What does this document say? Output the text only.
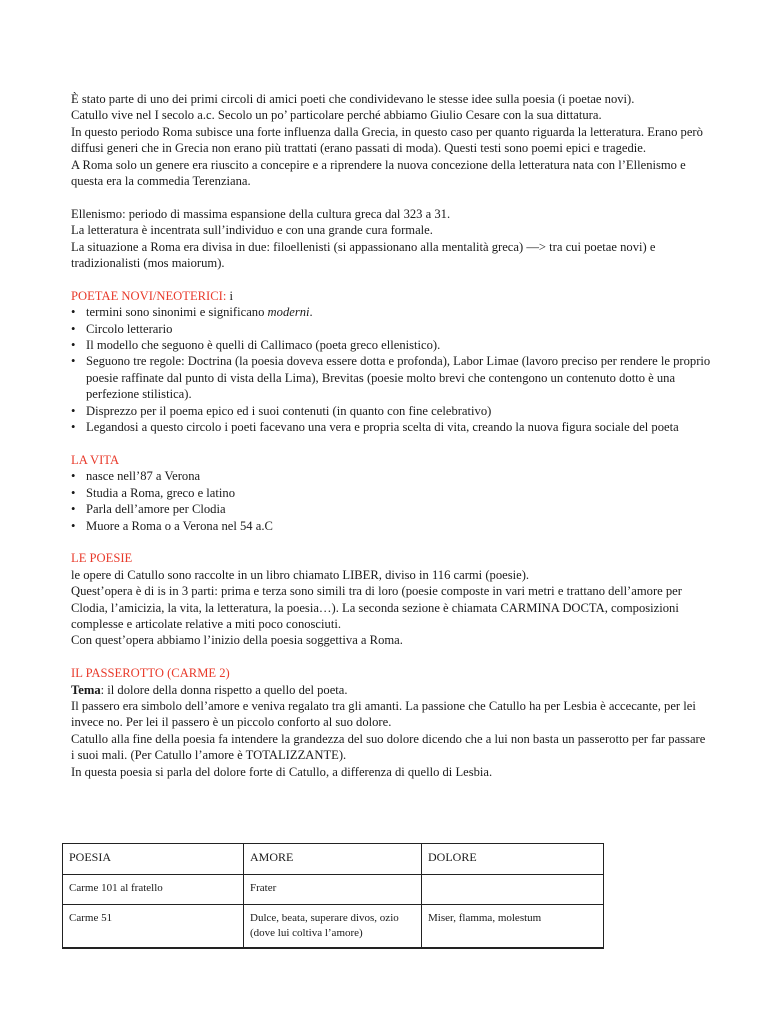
È stato parte di uno dei primi circoli di amici poeti che condividevano le stesse idee sulla poesia (i poetae novi).

Catullo vive nel I secolo a.c. Secolo un po’ particolare perché abbiamo Giulio Cesare con la sua dittatura.

In questo periodo Roma subisce una forte influenza dalla Grecia, in questo caso per quanto riguarda la letteratura. Erano però diffusi generi che in Grecia non erano più trattati (erano passati di moda). Questi testi sono poemi epici e tragedie.

A Roma solo un genere era riuscito a concepire e a riprendere la nuova concezione della letteratura nata con l’Ellenismo e questa era la commedia Terenziana.

Ellenismo: periodo di massima espansione della cultura greca dal 323 a 31.

La letteratura è incentrata sull’individuo e con una grande cura formale.

La situazione a Roma era divisa in due: filoellenisti (si appassionano alla mentalità greca) —> tra cui poetae novi) e tradizionalisti (mos maiorum).

POETAE NOVI/NEOTERICI: i

• termini sono sinonimi e significano moderni.
• Circolo letterario
• Il modello che seguono è quelli di Callimaco (poeta greco ellenistico).
• Seguono tre regole: Doctrina (la poesia doveva essere dotta e profonda), Labor Limae (lavoro preciso per rendere le proprio poesie raffinate dal punto di vista della Lima), Brevitas (poesie molto brevi che contengono un contenuto dotto è una perfezione stilistica).
• Disprezzo per il poema epico ed i suoi contenuti (in quanto con fine celebrativo)
• Legandosi a questo circolo i poeti facevano una vera e propria scelta di vita, creando la nuova figura sociale del poeta

LA VITA

• nasce nell’87 a Verona
• Studia a Roma, greco e latino
• Parla dell’amore per Clodia
• Muore a Roma o a Verona nel 54 a.C

LE POESIE

le opere di Catullo sono raccolte in un libro chiamato LIBER, diviso in 116 carmi (poesie).

Quest’opera è di is in 3 parti: prima e terza sono simili tra di loro (poesie composte in vari metri e trattano dell’amore per Clodia, l’amicizia, la vita, la letteratura, la poesia…). La seconda sezione è chiamata CARMINA DOCTA, composizioni complesse e articolate relative a miti poco conosciuti.

Con quest’opera abbiamo l’inizio della poesia soggettiva a Roma.

IL PASSEROTTO (CARME 2)

Tema: il dolore della donna rispetto a quello del poeta.

Il passero era simbolo dell’amore e veniva regalato tra gli amanti. La passione che Catullo ha per Lesbia è accecante, per lei invece no. Per lei il passero è un piccolo conforto al suo dolore.

Catullo alla fine della poesia fa intendere la grandezza del suo dolore dicendo che a lui non basta un passerotto per far passare i suoi mali. (Per Catullo l’amore è TOTALIZZANTE).

In questa poesia si parla del dolore forte di Catullo, a differenza di quello di Lesbia.

POESIA	AMORE	DOLORE
Carme 101 al fratello	Frater	
Carme 51	Dulce, beata, superare divos, ozio (dove lui coltiva l’amore)	Miser, flamma, molestum
